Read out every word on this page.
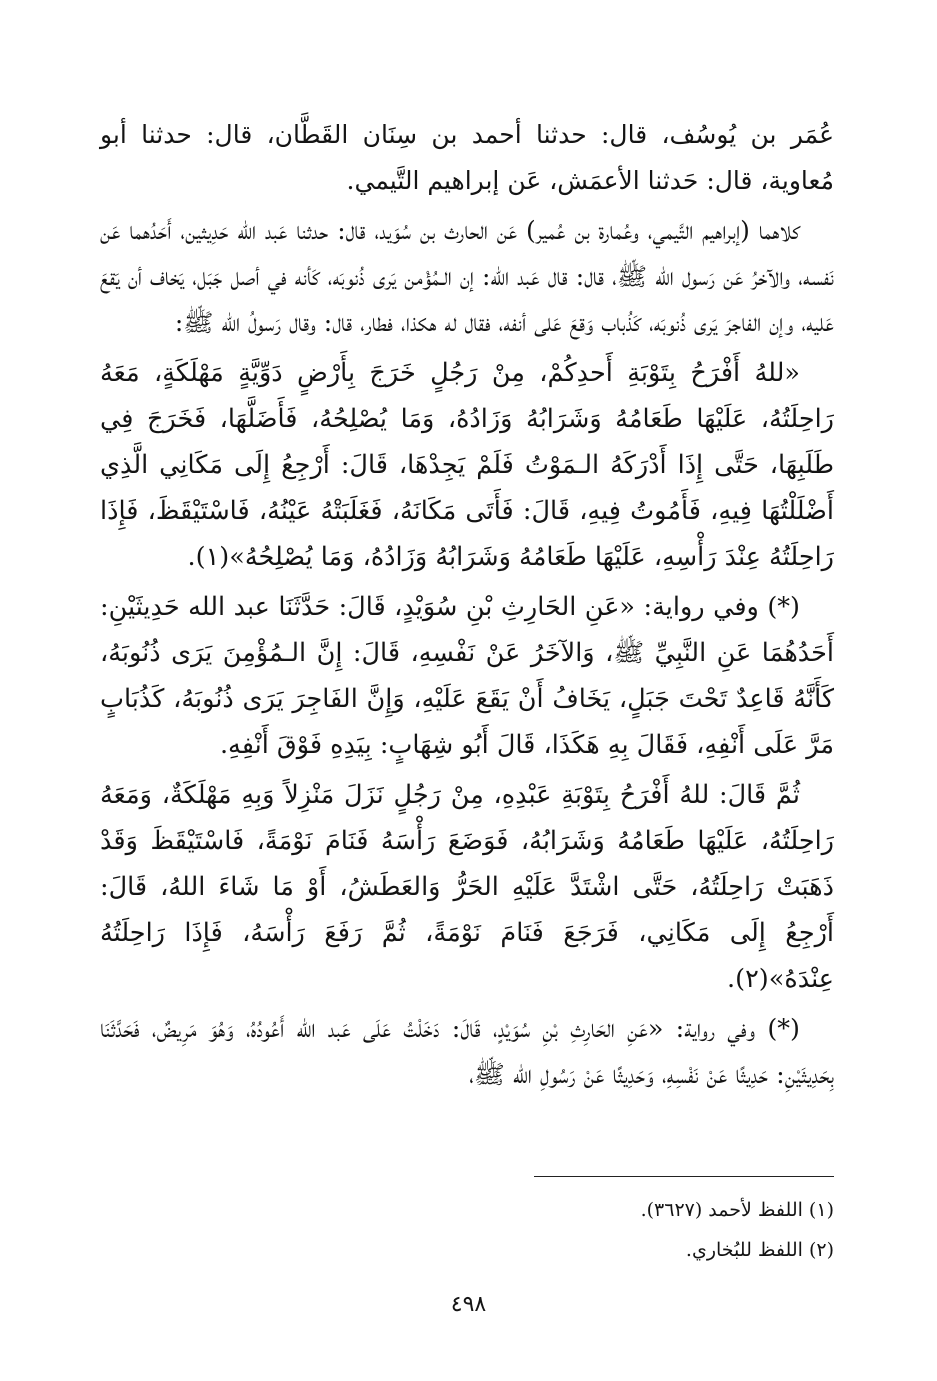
عُمَر بن يُوسُف، قال: حدثنا أحمد بن سِنَان القَطَّان، قال: حدثنا أبو مُعاوية، قال: حَدثنا الأعمَش، عَن إبراهيم التَّيمي.

كلاهما (إبراهيم التَّيمي، وعُمارة بن عُمير) عَن الحارث بن سُوَيد، قال: حدثنا عَبد الله حَدِيثين، أَحَدُهما عَن نَفسه، والآخرُ عَن رَسول الله ﷺ، قال: قال عَبد الله: إن الـمُؤْمن يَرى ذُنوبَه، كَأنه في أصل جَبَل، يَخاف أن يَقعَ عَليه، وإن الفاجرَ يَرى ذُنوبَه، كَذُباب وَقعَ عَلى أنفه، فقال له هكذا، فطار، قال: وقال رَسولُ الله ﷺ:

«للهُ أَفْرَحُ بِتَوْبَةِ أَحدِكُمْ، مِنْ رَجُلٍ خَرَجَ بِأَرْضٍ دَوِّيَّةٍ مَهْلَكَةٍ، مَعَهُ رَاحِلَتُهُ، عَلَيْهَا طَعَامُهُ وَشَرَابُهُ وَزَادُهُ، وَمَا يُصْلِحُهُ، فَأَضَلَّهَا، فَخَرَجَ فِي طَلَبِهَا، حَتَّى إِذَا أَدْرَكَهُ الـمَوْتُ فَلَمْ يَجِدْهَا، قَالَ: أَرْجِعُ إِلَى مَكَانِي الَّذِي أَضْلَلْتُهَا فِيهِ، فَأَمُوتُ فِيهِ، قَالَ: فَأَتَى مَكَانَهُ، فَغَلَبَتْهُ عَيْنُهُ، فَاسْتَيْقَظَ، فَإِذَا رَاحِلَتُهُ عِنْدَ رَأْسِهِ، عَلَيْهَا طَعَامُهُ وَشَرَابُهُ وَزَادُهُ، وَمَا يُصْلِحُهُ»(١).

(*) وفي رواية: «عَنِ الحَارِثِ بْنِ سُوَيْدٍ، قَالَ: حَدَّثَنَا عبد الله حَدِيثَيْنِ: أَحَدُهُمَا عَنِ النَّبِيِّ ﷺ، وَالآخَرُ عَنْ نَفْسِهِ، قَالَ: إِنَّ الـمُؤْمِنَ يَرَى ذُنُوبَهُ، كَأَنَّهُ قَاعِدٌ تَحْتَ جَبَلٍ، يَخَافُ أَنْ يَقَعَ عَلَيْهِ، وَإِنَّ الفَاجِرَ يَرَى ذُنُوبَهُ، كَذُبَابٍ مَرَّ عَلَى أَنْفِهِ، فَقَالَ بِهِ هَكَذَا، قَالَ أَبُو شِهَابٍ: بِيَدِهِ فَوْقَ أَنْفِهِ.

ثُمَّ قَالَ: للهُ أَفْرَحُ بِتَوْبَةِ عَبْدِهِ، مِنْ رَجُلٍ نَزَلَ مَنْزِلاً وَبِهِ مَهْلَكَةٌ، وَمَعَهُ رَاحِلَتُهُ، عَلَيْهَا طَعَامُهُ وَشَرَابُهُ، فَوَضَعَ رَأْسَهُ فَنَامَ نَوْمَةً، فَاسْتَيْقَظَ وَقَدْ ذَهَبَتْ رَاحِلَتُهُ، حَتَّى اشْتَدَّ عَلَيْهِ الحَرُّ وَالعَطَشُ، أَوْ مَا شَاءَ اللهُ، قَالَ: أَرْجِعُ إِلَى مَكَانِي، فَرَجَعَ فَنَامَ نَوْمَةً، ثُمَّ رَفَعَ رَأْسَهُ، فَإِذَا رَاحِلَتُهُ عِنْدَهُ»(٢).

(*) وفي رواية: «عَنِ الحَارِثِ بْنِ سُوَيْدٍ، قَالَ: دَخَلْتُ عَلَى عَبد الله أَعُودُهُ، وَهُوَ مَرِيضٌ، فَحَدَّثَنَا بِحَدِيثَيْنِ: حَدِيثًا عَنْ نَفْسِهِ، وَحَدِيثًا عَنْ رَسُولِ الله ﷺ،

(١) اللفظ لأحمد (٣٦٢٧).

(٢) اللفظ للبُخاري.

٤٩٨
